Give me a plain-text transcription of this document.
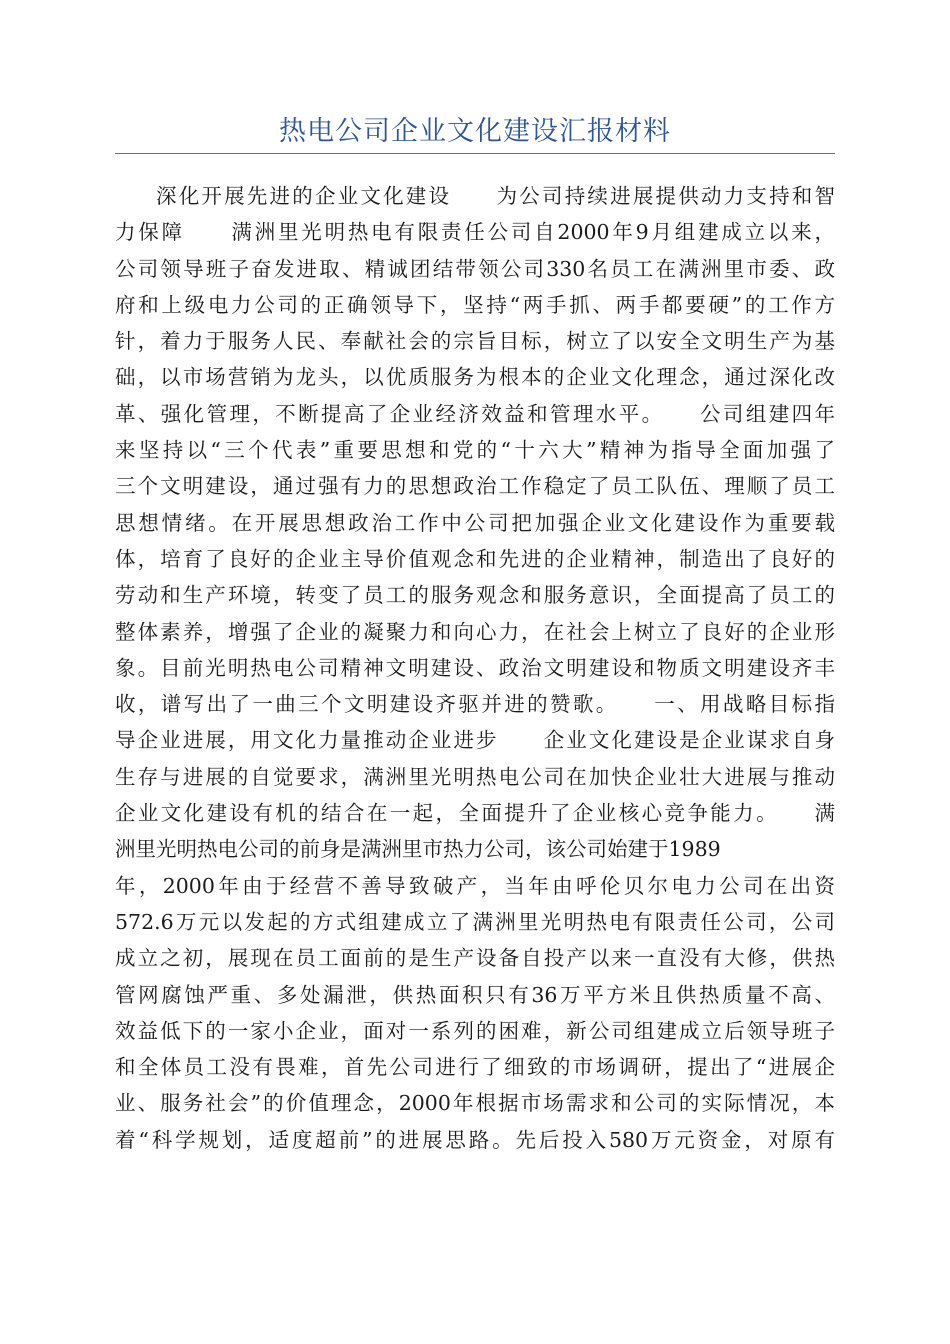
热电公司企业文化建设汇报材料
深化开展先进的企业文化建设　　为公司持续进展提供动力支持和智
力保障　　满洲里光明热电有限责任公司自2000年9月组建成立以来，
公司领导班子奋发进取、精诚团结带领公司330名员工在满洲里市委、政
府和上级电力公司的正确领导下，坚持“两手抓、两手都要硬”的工作方
针，着力于服务人民、奉献社会的宗旨目标，树立了以安全文明生产为基
础，以市场营销为龙头，以优质服务为根本的企业文化理念，通过深化改
革、强化管理，不断提高了企业经济效益和管理水平。　　公司组建四年
来坚持以“三个代表”重要思想和党的“十六大”精神为指导全面加强了
三个文明建设，通过强有力的思想政治工作稳定了员工队伍、理顺了员工
思想情绪。在开展思想政治工作中公司把加强企业文化建设作为重要载
体，培育了良好的企业主导价值观念和先进的企业精神，制造出了良好的
劳动和生产环境，转变了员工的服务观念和服务意识，全面提高了员工的
整体素养，增强了企业的凝聚力和向心力，在社会上树立了良好的企业形
象。目前光明热电公司精神文明建设、政治文明建设和物质文明建设齐丰
收，谱写出了一曲三个文明建设齐驱并进的赞歌。　　一、用战略目标指
导企业进展，用文化力量推动企业进步　　企业文化建设是企业谋求自身
生存与进展的自觉要求，满洲里光明热电公司在加快企业壮大进展与推动
企业文化建设有机的结合在一起，全面提升了企业核心竞争能力。　　满
洲里光明热电公司的前身是满洲里市热力公司，该公司始建于1989
年，2000年由于经营不善导致破产，当年由呼伦贝尔电力公司在出资
572.6万元以发起的方式组建成立了满洲里光明热电有限责任公司，公司
成立之初，展现在员工面前的是生产设备自投产以来一直没有大修，供热
管网腐蚀严重、多处漏泄，供热面积只有36万平方米且供热质量不高、
效益低下的一家小企业，面对一系列的困难，新公司组建成立后领导班子
和全体员工没有畏难，首先公司进行了细致的市场调研，提出了“进展企
业、服务社会”的价值理念，2000年根据市场需求和公司的实际情况，本
着“科学规划，适度超前”的进展思路。先后投入580万元资金，对原有
